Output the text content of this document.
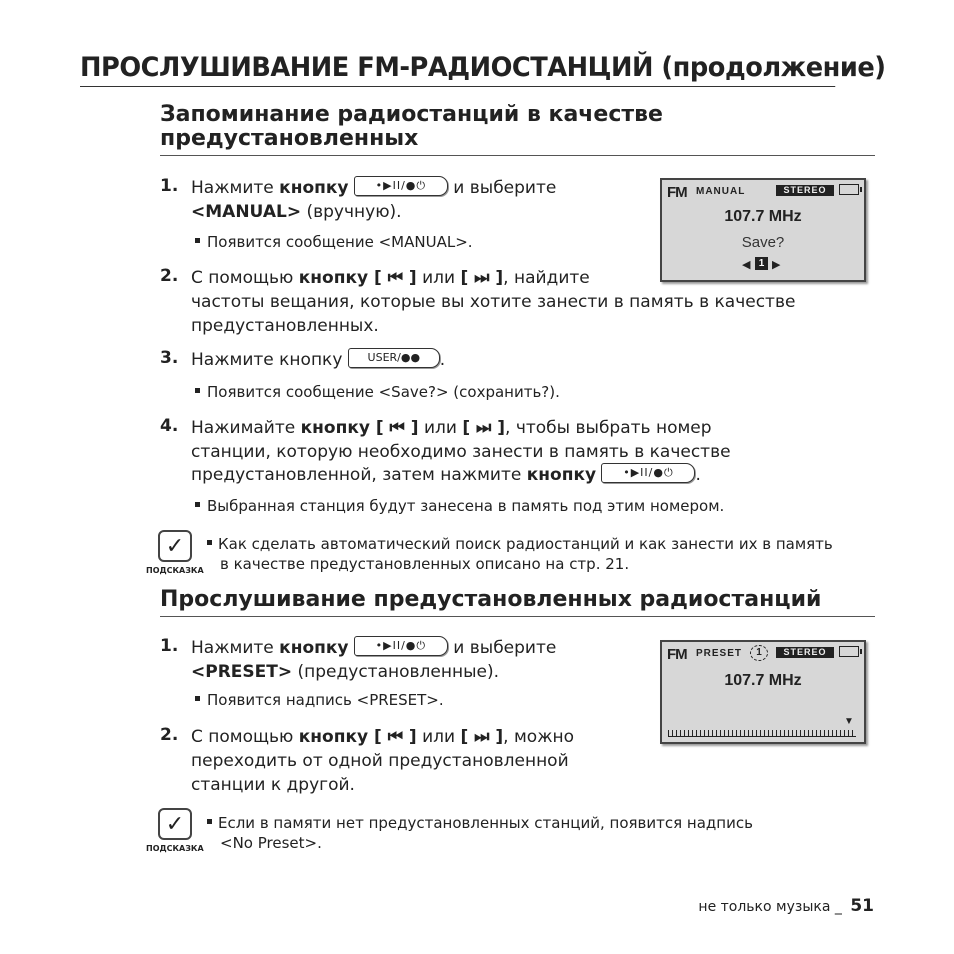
ПРОСЛУШИВАНИЕ FM-РАДИОСТАНЦИЙ (продолжение)
Запоминание радиостанций в качестве предустановленных
FM MANUAL	STEREO
107.7 MHz
Save?
◀ 1 ▶
1. Нажмите кнопку •▶II/●⏻ и выберите
<MANUAL> (вручную).
Появится сообщение <MANUAL>.
2. С помощью кнопку [ ⏮ ] или [ ⏭ ], найдите
частоты вещания, которые вы хотите занести в память в качестве
предустановленных.
3. Нажмите кнопку USER/●● .
Появится сообщение <Save?> (сохранить?).
4. Нажимайте кнопку [ ⏮ ] или [ ⏭ ], чтобы выбрать номер
станции, которую необходимо занести в память в качестве
предустановленной, затем нажмите кнопку •▶II/●⏻ .
Выбранная станция будут занесена в память под этим номером.
✓
ПОДСКАЗКА
Как сделать автоматический поиск радиостанций и как занести их в память
в качестве предустановленных описано на стр. 21.
Прослушивание предустановленных радиостанций
FM PRESET	1	STEREO
107.7 MHz
▼
1. Нажмите кнопку •▶II/●⏻ и выберите
<PRESET> (предустановленные).
Появится надпись <PRESET>.
2. С помощью кнопку [ ⏮ ] или [ ⏭ ], можно
переходить от одной предустановленной
станции к другой.
✓
ПОДСКАЗКА
Если в памяти нет предустановленных станций, появится надпись
<No Preset>.
не только музыка _ 51
